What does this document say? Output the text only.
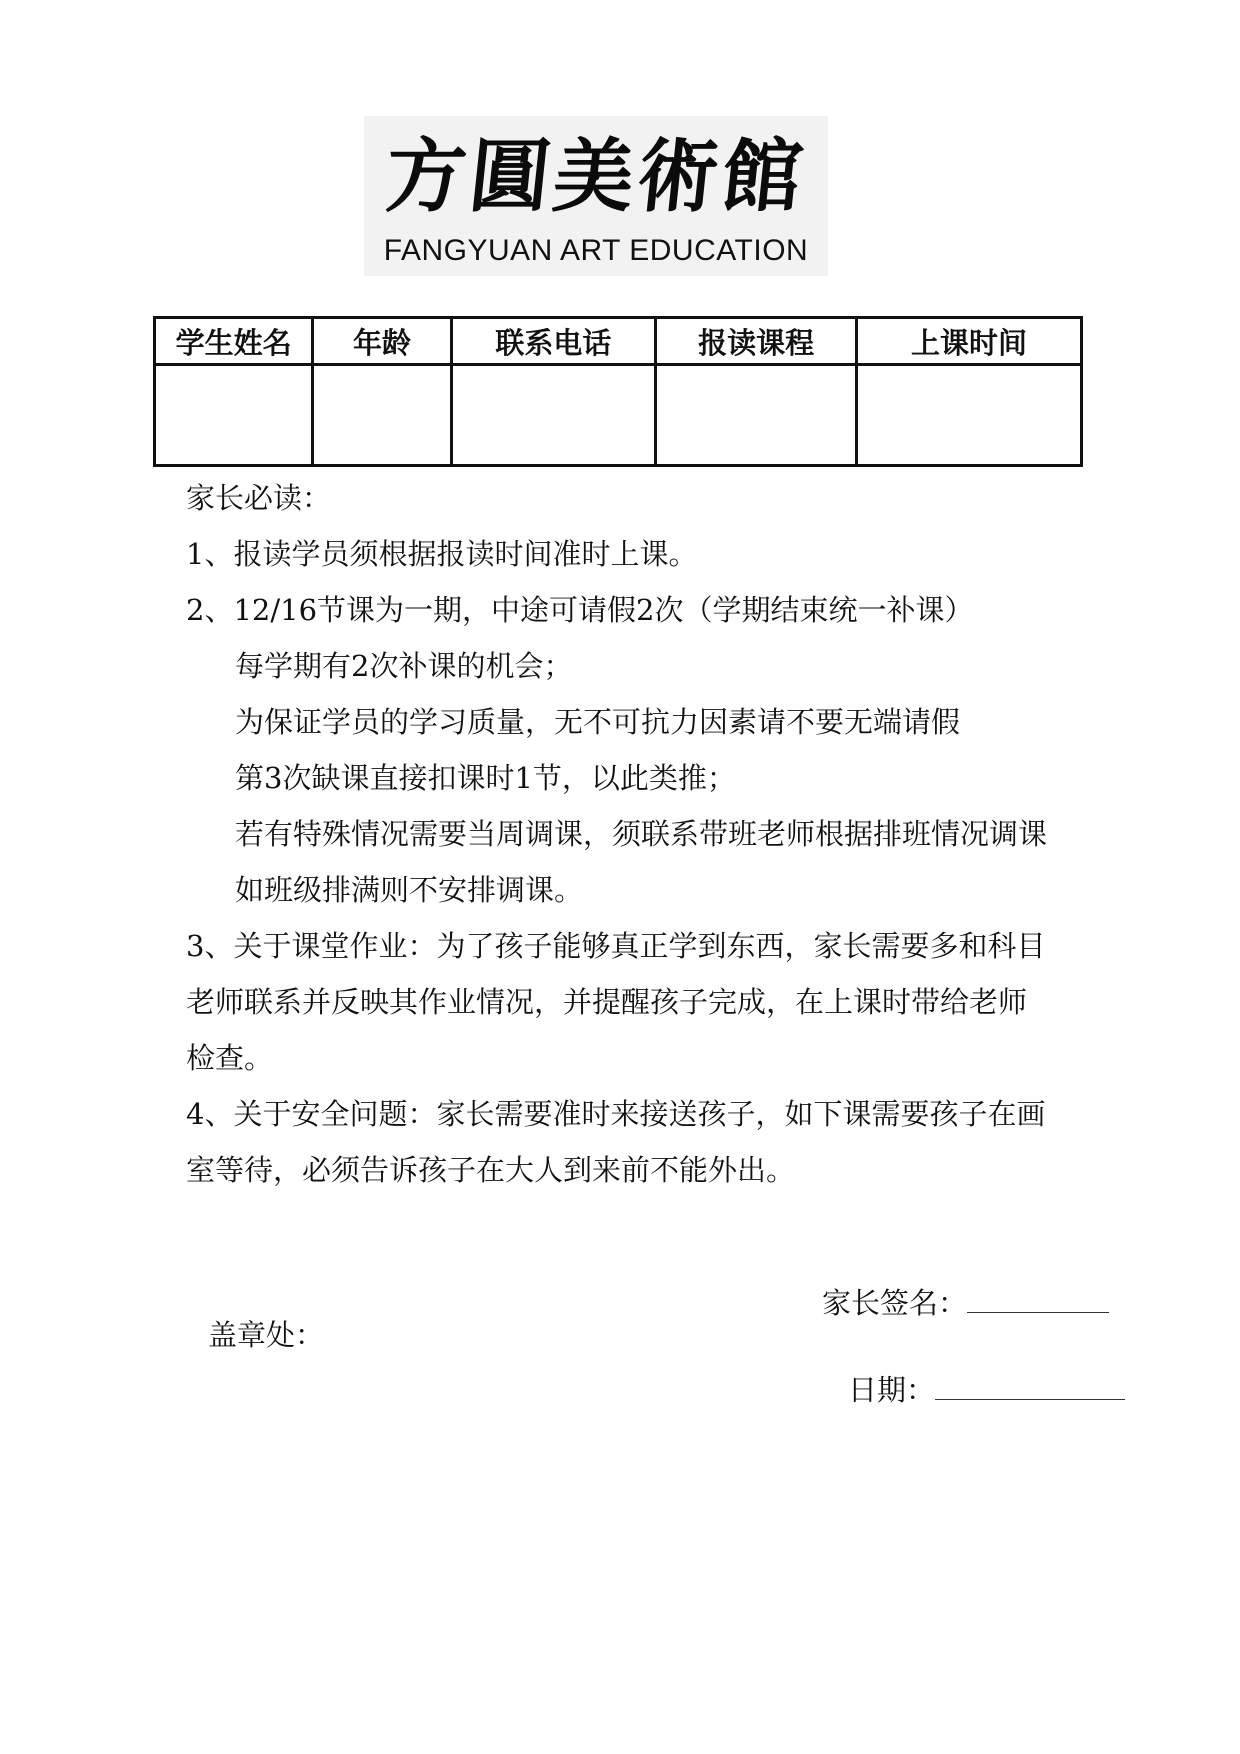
方圓美術館
FANGYUAN ART EDUCATION
学生姓名	年龄	联系电话	报读课程	上课时间

家长必读：

1、报读学员须根据报读时间准时上课。

2、12/16节课为一期，中途可请假2次（学期结束统一补课）

每学期有2次补课的机会；

为保证学员的学习质量，无不可抗力因素请不要无端请假

第3次缺课直接扣课时1节，以此类推；

若有特殊情况需要当周调课，须联系带班老师根据排班情况调课

如班级排满则不安排调课。

3、关于课堂作业：为了孩子能够真正学到东西，家长需要多和科目

老师联系并反映其作业情况，并提醒孩子完成，在上课时带给老师

检查。

4、关于安全问题：家长需要准时来接送孩子，如下课需要孩子在画

室等待，必须告诉孩子在大人到来前不能外出。

家长签名：
盖章处：
日期：
